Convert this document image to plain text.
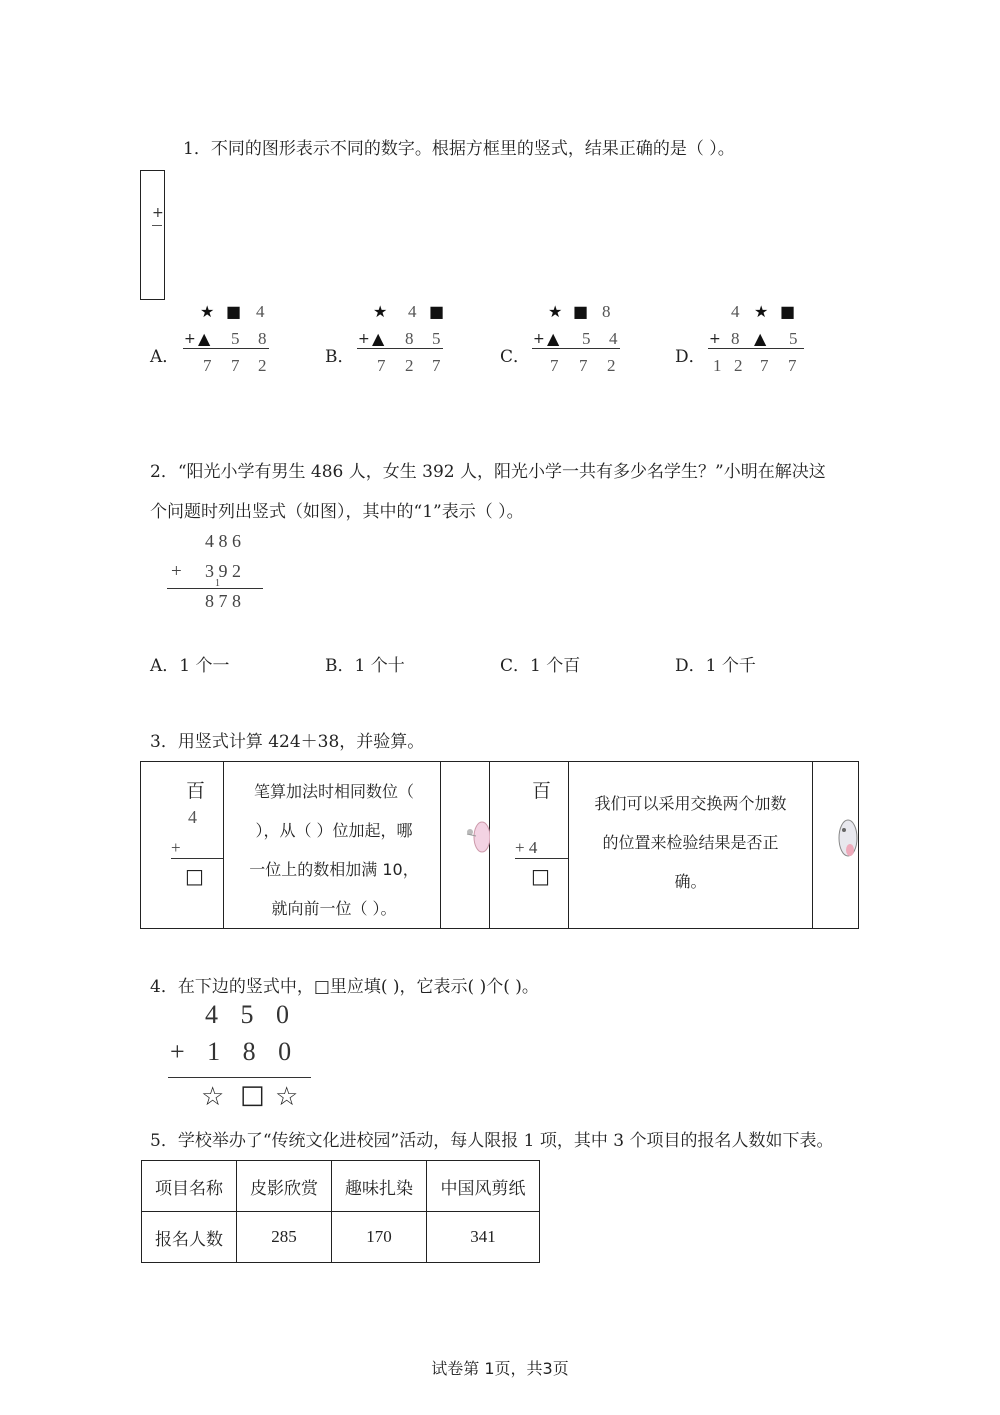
1．不同的图形表示不同的数字。根据方框里的竖式，结果正确的是（ ）。
+
A．
★ ■ 4
+ ▲ 5 8
7 7 2	B．
★ 4 ■
+ ▲ 8 5
7 2 7	C．
★ ■ 8
+ ▲ 5 4
7 7 2	D．
4 ★ ■
+ 8 ▲ 5
1 2 7 7
2．“阳光小学有男生 486 人，女生 392 人，阳光小学一共有多少名学生？”小明在解决这
个问题时列出竖式（如图），其中的“1”表示（ ）。
4 8 6
+ 3 9 2
1
8 7 8
A．1 个一	B．1 个十	C．1 个百	D．1 个千
3．用竖式计算 424＋38，并验算。
百
4
+
□
笔算加法时相同数位（
），从（ ）位加起，哪
一位上的数相加满 10，
就向前一位（ ）。
百
+ 4
□
我们可以采用交换两个加数
的位置来检验结果是否正
确。
4．在下边的竖式中，□里应填( )，它表示( )个( )。
4 5 0
+ 1 8 0
☆ □ ☆
5．学校举办了“传统文化进校园”活动，每人限报 1 项，其中 3 个项目的报名人数如下表。
项目名称	皮影欣赏	趣味扎染	中国风剪纸
报名人数	285	170	341
试卷第 1页，共3页
